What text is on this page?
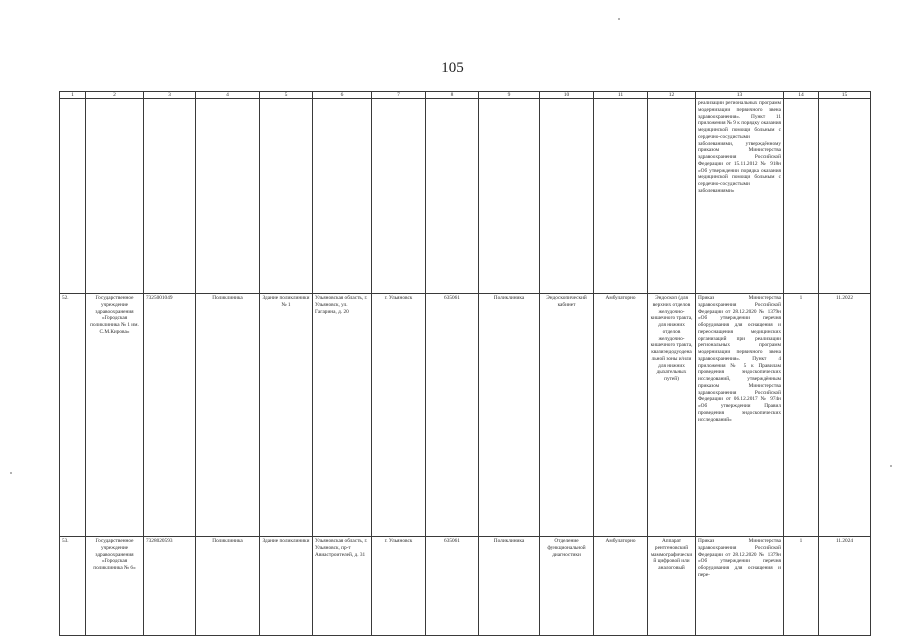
105
1	2	3	4	5	6	7	8	9	10	11	12	13	14	15
												реализации региональных программ модернизации первичного звена здравоохранения». Пункт 11 приложения № 9 к порядку оказания медицинской помощи больным с сердечно-сосудистыми заболеваниями, утверждённому приказом Министерства здравоохранения Российской Федерации от 15.11.2012 № 918н «Об утверждении порядка оказания медицинской помощи больным с сердечно-сосудистыми заболеваниями»		
52.	Государственное учреждение здравоохранения «Городская поликлиника № 1 им. С.М.Кирова»	7325001049	Поликлиника	Здание поликлиники № 1	Ульяновская область, г. Ульяновск, ул. Гагарина, д. 20	г. Ульяновск	635061	Поликлиника	Эндоскопический кабинет	Амбулаторно	Эндоскоп (для верхних отделов желудочно-кишечного тракта, для нижних отделов желудочно-кишечного тракта, квазиэндодуоденальной зоны и/или для нижних дыхательных путей)	Приказ Министерства здравоохранения Российской Федерации от 28.12.2020 № 1379н «Об утверждении перечня оборудования для оснащения и переоснащения медицинских организаций при реализации региональных программ модернизации первичного звена здравоохранения». Пункт 4 приложения № 5 к Правилам проведения эндоскопических исследований, утверждённым приказом Министерства здравоохранения Российской Федерации от 06.12.2017 № 974н «Об утверждении Правил проведения эндоскопических исследований»	1	11.2022
53.	Государственное учреждение здравоохранения «Городская поликлиника № 6»	7328020593	Поликлиника	Здание поликлиники	Ульяновская область, г. Ульяновск, пр-т Авиастроителей, д. 31	г. Ульяновск	635061	Поликлиника	Отделение функциональной диагностики	Амбулаторно	Аппарат рентгеновский маммографический цифровой или аналоговый	Приказ Министерства здравоохранения Российской Федерации от 28.12.2020 № 1379н «Об утверждении перечня оборудования для оснащения и пере-	1	11.2024
